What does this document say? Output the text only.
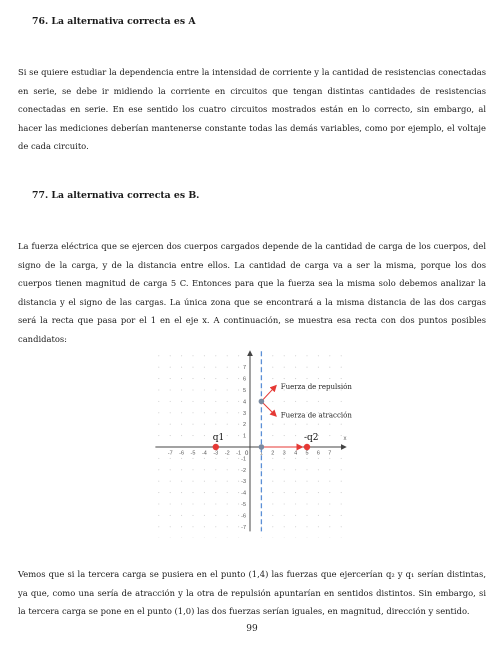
76. La alternativa correcta es A
Si se quiere estudiar la dependencia entre la intensidad de corriente y la cantidad de resistencias conectadas en serie, se debe ir midiendo la corriente en circuitos que tengan distintas cantidades de resistencias conectadas en serie. En ese sentido los cuatro circuitos mostrados están en lo correcto, sin embargo, al hacer las mediciones deberían mantenerse constante todas las demás variables, como por ejemplo, el voltaje de cada circuito.
77. La alternativa correcta es B.
La fuerza eléctrica que se ejercen dos cuerpos cargados depende de la cantidad de carga de los cuerpos, del signo de la carga, y de la distancia entre ellos. La cantidad de carga va a ser la misma, porque los dos cuerpos tienen magnitud de carga 5 C. Entonces para que la fuerza sea la misma solo debemos analizar la distancia y el signo de las cargas. La única zona que se encontrará a la misma distancia de las dos cargas será la recta que pasa por el 1 en el eje x. A continuación, se muestra esa recta con dos puntos posibles candidatos:
-7 -6 -5 -4 -3 -2 -1	1 2 3 4 5 6 7
7
6
5
4
3
2
1
-1
-2
-3
-4
-5
-6
-7
x
0
q1	-q2
Fuerza de repulsión
Fuerza de atracción
Vemos que si la tercera carga se pusiera en el punto (1,4) las fuerzas que ejercerían q₂ y q₁ serían distintas, ya que, como una sería de atracción y la otra de repulsión apuntarían en sentidos distintos. Sin embargo, si la tercera carga se pone en el punto (1,0) las dos fuerzas serían iguales, en magnitud, dirección y sentido.
99
